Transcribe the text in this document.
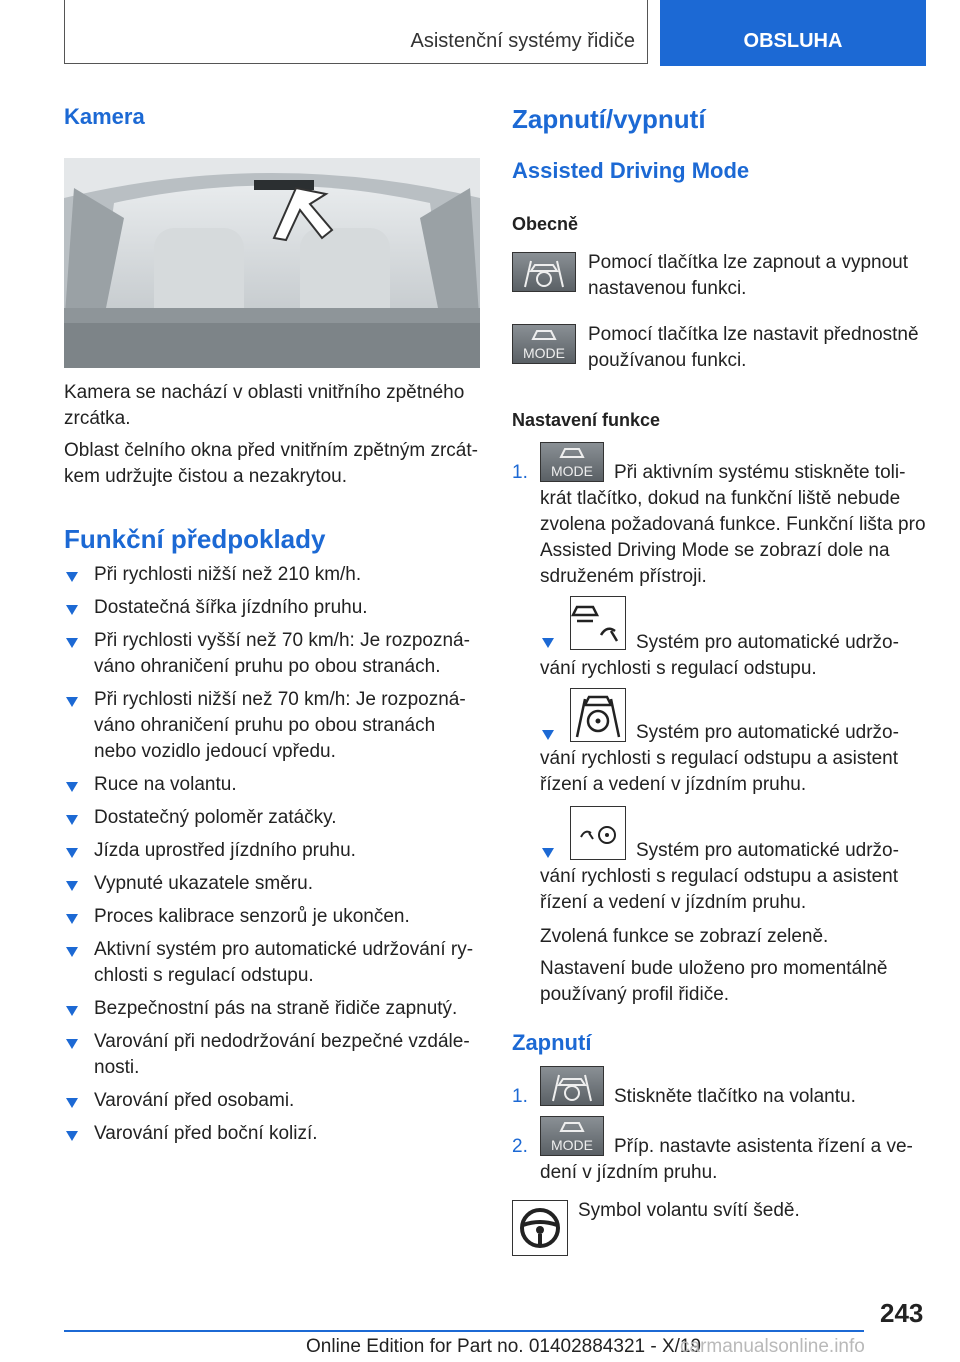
Asistenční systémy řidiče	OBSLUHA
Kamera
Kamera se nachází v oblasti vnitřního zpětného
zrcátka.
Oblast čelního okna před vnitřním zpětným zrcát-
kem udržujte čistou a nezakrytou.
Funkční předpoklady
Při rychlosti nižší než 210 km/h.
Dostatečná šířka jízdního pruhu.
Při rychlosti vyšší než 70 km/h: Je rozpozná-
váno ohraničení pruhu po obou stranách.
Při rychlosti nižší než 70 km/h: Je rozpozná-
váno ohraničení pruhu po obou stranách
nebo vozidlo jedoucí vpředu.
Ruce na volantu.
Dostatečný poloměr zatáčky.
Jízda uprostřed jízdního pruhu.
Vypnuté ukazatele směru.
Proces kalibrace senzorů je ukončen.
Aktivní systém pro automatické udržování ry-
chlosti s regulací odstupu.
Bezpečnostní pás na straně řidiče zapnutý.
Varování při nedodržování bezpečné vzdále-
nosti.
Varování před osobami.
Varování před boční kolizí.
Zapnutí/vypnutí
Assisted Driving Mode
Obecně
Pomocí tlačítka lze zapnout a vypnout
nastavenou funkci.
MODE
Pomocí tlačítka lze nastavit přednostně
používanou funkci.
Nastavení funkce
1.	MODE	Při aktivním systému stiskněte toli-
krát tlačítko, dokud na funkční liště nebude
zvolena požadovaná funkce. Funkční lišta pro
Assisted Driving Mode se zobrazí dole na
sdruženém přístroji.
Systém pro automatické udržo-
vání rychlosti s regulací odstupu.
Systém pro automatické udržo-
vání rychlosti s regulací odstupu a asistent
řízení a vedení v jízdním pruhu.
Systém pro automatické udržo-
vání rychlosti s regulací odstupu a asistent
řízení a vedení v jízdním pruhu.
Zvolená funkce se zobrazí zeleně.
Nastavení bude uloženo pro momentálně
používaný profil řidiče.
Zapnutí
1.	Stiskněte tlačítko na volantu.
2.	MODE	Příp. nastavte asistenta řízení a ve-
dení v jízdním pruhu.
Symbol volantu svítí šedě.
243
Online Edition for Part no. 01402884321 - X/19
carmanualsonline.info
